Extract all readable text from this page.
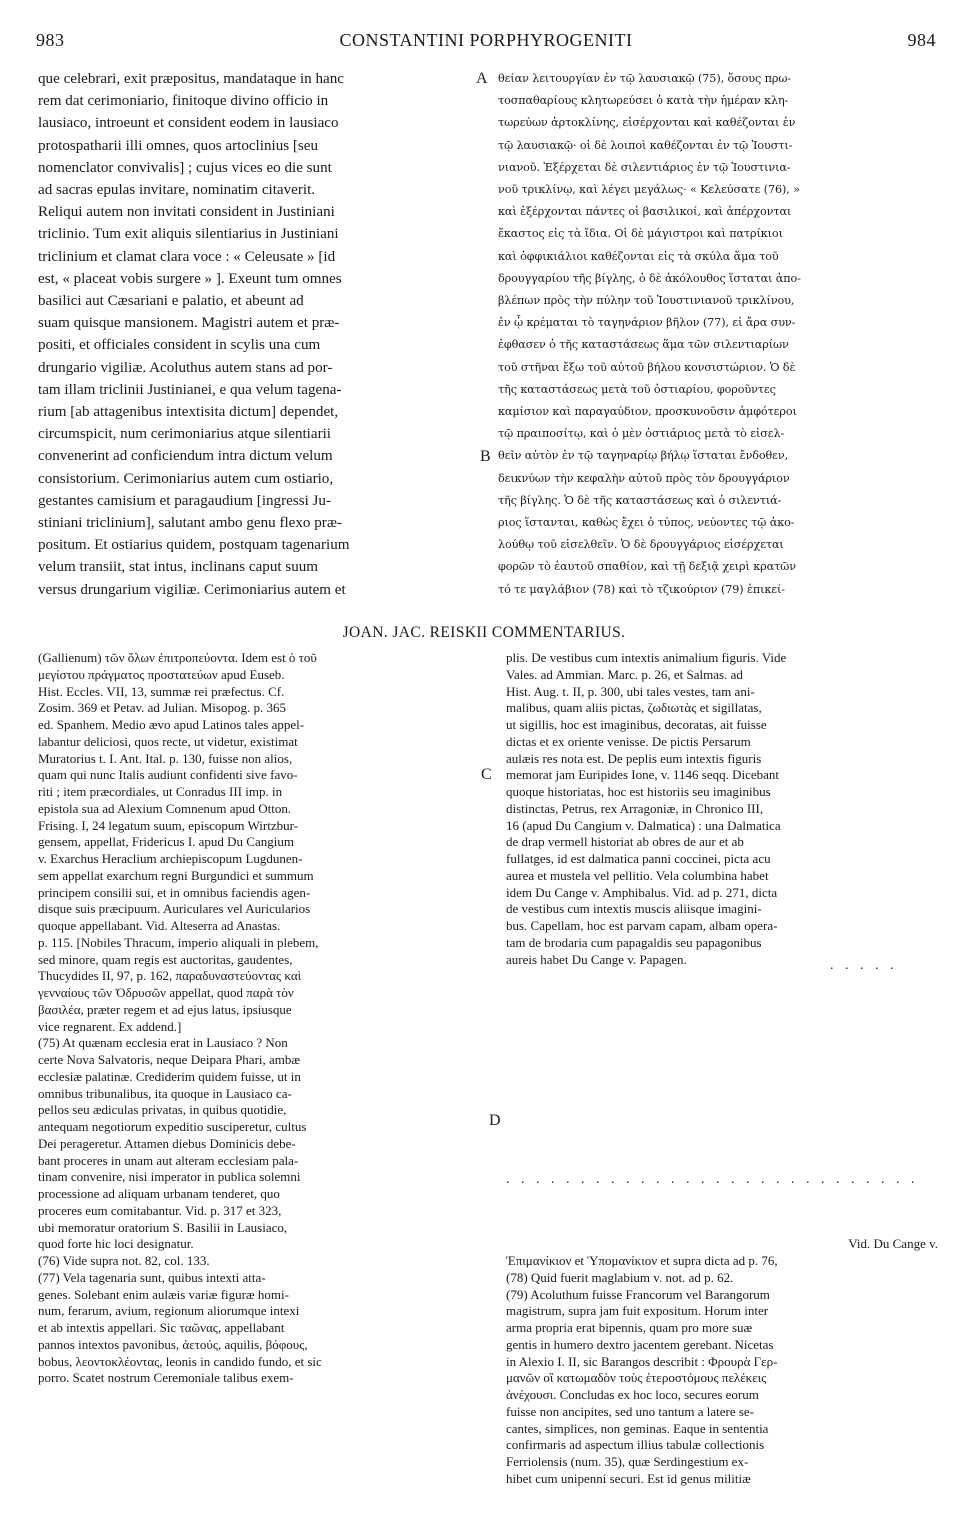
983	CONSTANTINI PORPHYROGENITI	984
que celebrari, exit præpositus, mandataque in hanc
rem dat cerimoniario, finitoque divino officio in
lausiaco, introeunt et consident eodem in lausiaco
protospatharii illi omnes, quos artoclinius [seu
nomenclator convivalis] ; cujus vices eo die sunt
ad sacras epulas invitare, nominatim citaverit.
Reliqui autem non invitati consident in Justiniani
triclinio. Tum exit aliquis silentiarius in Justiniani
triclinium et clamat clara voce : « Celeusate » [id
est, « placeat vobis surgere » ]. Exeunt tum omnes
basilici aut Cæsariani e palatio, et abeunt ad
suam quisque mansionem. Magistri autem et præ-
positi, et officiales consident in scylis una cum
drungario vigiliæ. Acoluthus autem stans ad por-
tam illam triclinii Justinianei, e qua velum tagena-
rium [ab attagenibus intextisita dictum] dependet,
circumspicit, num cerimoniarius atque silentiarii
convenerint ad conficiendum intra dictum velum
consistorium. Cerimoniarius autem cum ostiario,
gestantes camisium et paragaudium [ingressi Ju-
stiniani triclinium], salutant ambo genu flexo præ-
positum. Et ostiarius quidem, postquam tagenarium
velum transiit, stat intus, inclinans caput suum
versus drungarium vigiliæ. Cerimoniarius autem et
θείαν λειτουργίαν ἐν τῷ λαυσιακῷ (75), ὅσους πρω-
τοσπαθαρίους κλητωρεύσει ὁ κατὰ τὴν ἡμέραν κλη-
τωρεύων ἀρτοκλίνης, εἰσέρχονται καὶ καθέζονται ἐν
τῷ λαυσιακῷ· οἱ δὲ λοιποὶ καθέζονται ἐν τῷ Ἰουστι-
νιανοῦ. Ἐξέρχεται δὲ σιλεντιάριος ἐν τῷ Ἰουστινια-
νοῦ τρικλίνῳ, καὶ λέγει μεγάλως· « Κελεύσατε (76), »
καὶ ἐξέρχονται πάντες οἱ βασιλικοί, καὶ ἀπέρχονται
ἕκαστος εἰς τὰ ἴδια. Οἱ δὲ μάγιστροι καὶ πατρίκιοι
καὶ ὀφφικιάλιοι καθέζονται εἰς τὰ σκύλα ἅμα τοῦ
δρουγγαρίου τῆς βίγλης, ὁ δὲ ἀκόλουθος ἵσταται ἀπο-
βλέπων πρὸς τὴν πύλην τοῦ Ἰουστινιανοῦ τρικλίνου,
ἐν ᾧ κρέμαται τὸ ταγηνάριον βῆλον (77), εἰ ἄρα συν-
ἐφθασεν ὁ τῆς καταστάσεως ἅμα τῶν σιλεντιαρίων
τοῦ στῆναι ἔξω τοῦ αὐτοῦ βήλου κονσιστώριον. Ὁ δὲ
τῆς καταστάσεως μετὰ τοῦ ὀστιαρίου, φοροῦντες
καμίσιον καὶ παραγαύδιον, προσκυνοῦσιν ἀμφότεροι
τῷ πραιποσίτῳ, καὶ ὁ μὲν ὀστιάριος μετὰ τὸ εἰσελ-
θεῖν αὐτὸν ἐν τῷ ταγηναρίῳ βήλῳ ἵσταται ἔνδοθεν,
δεικνύων τὴν κεφαλὴν αὐτοῦ πρὸς τὸν δρουγγάριον
τῆς βίγλης. Ὁ δὲ τῆς καταστάσεως καὶ ὁ σιλεντιά-
ριος ἵστανται, καθὼς ἔχει ὁ τύπος, νεύοντες τῷ ἀκο-
λούθῳ τοῦ εἰσελθεῖν. Ὁ δὲ δρουγγάριος εἰσέρχεται
φορῶν τὸ ἑαυτοῦ σπαθίον, καὶ τῇ δεξιᾷ χειρὶ κρατῶν
τό τε μαγλάβιον (78) καὶ τὸ τζικούριον (79) ἐπικεί-
A
B
C
D
JOAN. JAC. REISKII COMMENTARIUS.
(Gallienum) τῶν ὅλων ἐπιτροπεύοντα. Idem est ὁ τοῦ
μεγίστου πράγματος προστατεύων apud Euseb.
Hist. Eccles. VII, 13, summæ rei præfectus. Cf.
Zosim. 369 et Petav. ad Julian. Misopog. p. 365
ed. Spanhem. Medio ævo apud Latinos tales appel-
labantur deliciosi, quos recte, ut videtur, existimat
Muratorius t. I. Ant. Ital. p. 130, fuisse non alios,
quam qui nunc Italis audiunt confidenti sive favo-
riti ; item præcordiales, ut Conradus III imp. in
epistola sua ad Alexium Comnenum apud Otton.
Frising. I, 24 legatum suum, episcopum Wirtzbur-
gensem, appellat, Fridericus I. apud Du Cangium
v. Exarchus Heraclium archiepiscopum Lugdunen-
sem appellat exarchum regni Burgundici et summum
principem consilii sui, et in omnibus faciendis agen-
disque suis præcipuum. Auriculares vel Auricularios
quoque appellabant. Vid. Alteserra ad Anastas.
p. 115. [Nobiles Thracum, imperio aliquali in plebem,
sed minore, quam regis est auctoritas, gaudentes,
Thucydides II, 97, p. 162, παραδυναστεύοντας καὶ
γενναίους τῶν Ὀδρυσῶν appellat, quod παρὰ τὸν
βασιλέα, præter regem et ad ejus latus, ipsiusque
vice regnarent. Ex addend.]
(75) At quænam ecclesia erat in Lausiaco ? Non
certe Nova Salvatoris, neque Deipara Phari, ambæ
ecclesiæ palatinæ. Crediderim quidem fuisse, ut in
omnibus tribunalibus, ita quoque in Lausiaco ca-
pellos seu ædiculas privatas, in quibus quotidie,
antequam negotiorum expeditio susciperetur, cultus
Dei perageretur. Attamen diebus Dominicis debe-
bant proceres in unam aut alteram ecclesiam pala-
tinam convenire, nisi imperator in publica solemni
processione ad aliquam urbanam tenderet, quo
proceres eum comitabantur. Vid. p. 317 et 323,
ubi memoratur oratorium S. Basilii in Lausiaco,
quod forte hic loci designatur.
(76) Vide supra not. 82, col. 133.
(77) Vela tagenaria sunt, quibus intexti atta-
genes. Solebant enim aulæis variæ figuræ homi-
num, ferarum, avium, regionum aliorumque intexi
et ab intextis appellari. Sic ταῶνας, appellabant
pannos intextos pavonibus, ἀετούς, aquilis, βόφους,
bobus, λεοντοκλέοντας, leonis in candido fundo, et sic
porro. Scatet nostrum Ceremoniale talibus exem-
plis. De vestibus cum intextis animalium figuris. Vide
Vales. ad Ammian. Marc. p. 26, et Salmas. ad
Hist. Aug. t. II, p. 300, ubi tales vestes, tam ani-
malibus, quam aliis pictas, ζωδιωτὰς et sigillatas,
ut sigillis, hoc est imaginibus, decoratas, ait fuisse
dictas et ex oriente venisse. De pictis Persarum
aulæis res nota est. De peplis eum intextis figuris
memorat jam Euripides Ione, v. 1146 seqq. Dicebant
quoque historiatas, hoc est historiis seu imaginibus
distinctas, Petrus, rex Arragoniæ, in Chronico III,
16 (apud Du Cangium v. Dalmatica) : una Dalmatica
de drap vermell historiat ab obres de aur et ab
fullatges, id est dalmatica panni coccinei, picta acu
aurea et mustela vel pellitio. Vela columbina habet
idem Du Cange v. Amphibalus. Vid. ad p. 271, dicta
de vestibus cum intextis muscis aliisque imagini-
bus. Capellam, hoc est parvam capam, albam opera-
tam de brodaria cum papagaldis seu papagonibus
aureis habet Du Cange v. Papagen.

Vid. Du Cange v.
Ἐπιμανίκιον et Ὑπομανίκιον et supra dicta ad p. 76,
(78) Quid fuerit maglabium v. not. ad p. 62.
(79) Acoluthum fuisse Francorum vel Barangorum
magistrum, supra jam fuit expositum. Horum inter
arma propria erat bipennis, quam pro more suæ
gentis in humero dextro jacentem gerebant. Nicetas
in Alexio I. II, sic Barangos describit : Φρουρὰ Γερ-
μανῶν οἳ κατωμαδὸν τοὺς ἑτεροστόμους πελέκεις
ἀνέχουσι. Concludas ex hoc loco, secures eorum
fuisse non ancipites, sed uno tantum a latere se-
cantes, simplices, non geminas. Eaque in sententia
confirmaris ad aspectum illius tabulæ collectionis
Ferriolensis (num. 35), quæ Serdingestium ex-
hibet cum unipenni securi. Est id genus militiæ
. . . . .
. . . . . . . . . . . . . . . . . . . . . . . . . . . .
